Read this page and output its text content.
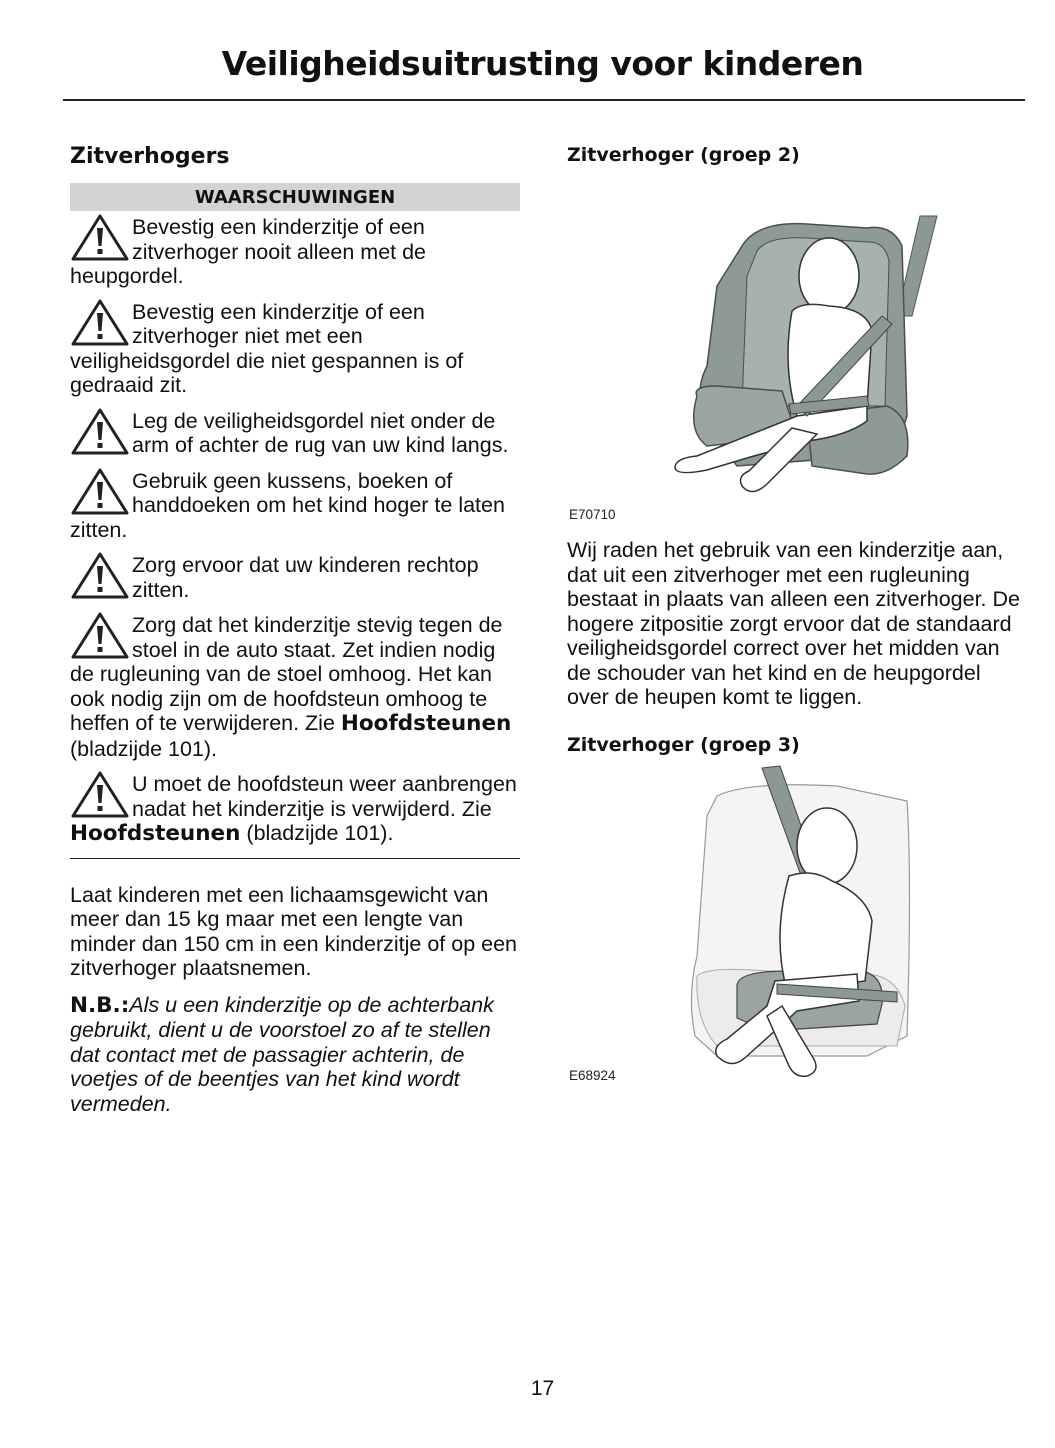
Veiligheidsuitrusting voor kinderen
Zitverhogers
WAARSCHUWINGEN
Bevestig een kinderzitje of een zitverhoger nooit alleen met de heupgordel.
Bevestig een kinderzitje of een zitverhoger niet met een veiligheidsgordel die niet gespannen is of gedraaid zit.
Leg de veiligheidsgordel niet onder de arm of achter de rug van uw kind langs.
Gebruik geen kussens, boeken of handdoeken om het kind hoger te laten zitten.
Zorg ervoor dat uw kinderen rechtop zitten.
Zorg dat het kinderzitje stevig tegen de stoel in de auto staat. Zet indien nodig de rugleuning van de stoel omhoog. Het kan ook nodig zijn om de hoofdsteun omhoog te heffen of te verwijderen. Zie Hoofdsteunen (bladzijde 101).
U moet de hoofdsteun weer aanbrengen nadat het kinderzitje is verwijderd. Zie Hoofdsteunen (bladzijde 101).

Laat kinderen met een lichaamsgewicht van meer dan 15 kg maar met een lengte van minder dan 150 cm in een kinderzitje of op een zitverhoger plaatsnemen.

N.B.:Als u een kinderzitje op de achterbank gebruikt, dient u de voorstoel zo af te stellen dat contact met de passagier achterin, de voetjes of de beentjes van het kind wordt vermeden.

Zitverhoger (groep 2)
E70710

Wij raden het gebruik van een kinderzitje aan, dat uit een zitverhoger met een rugleuning bestaat in plaats van alleen een zitverhoger. De hogere zitpositie zorgt ervoor dat de standaard veiligheidsgordel correct over het midden van de schouder van het kind en de heupgordel over de heupen komt te liggen.

Zitverhoger (groep 3)
E68924
17
